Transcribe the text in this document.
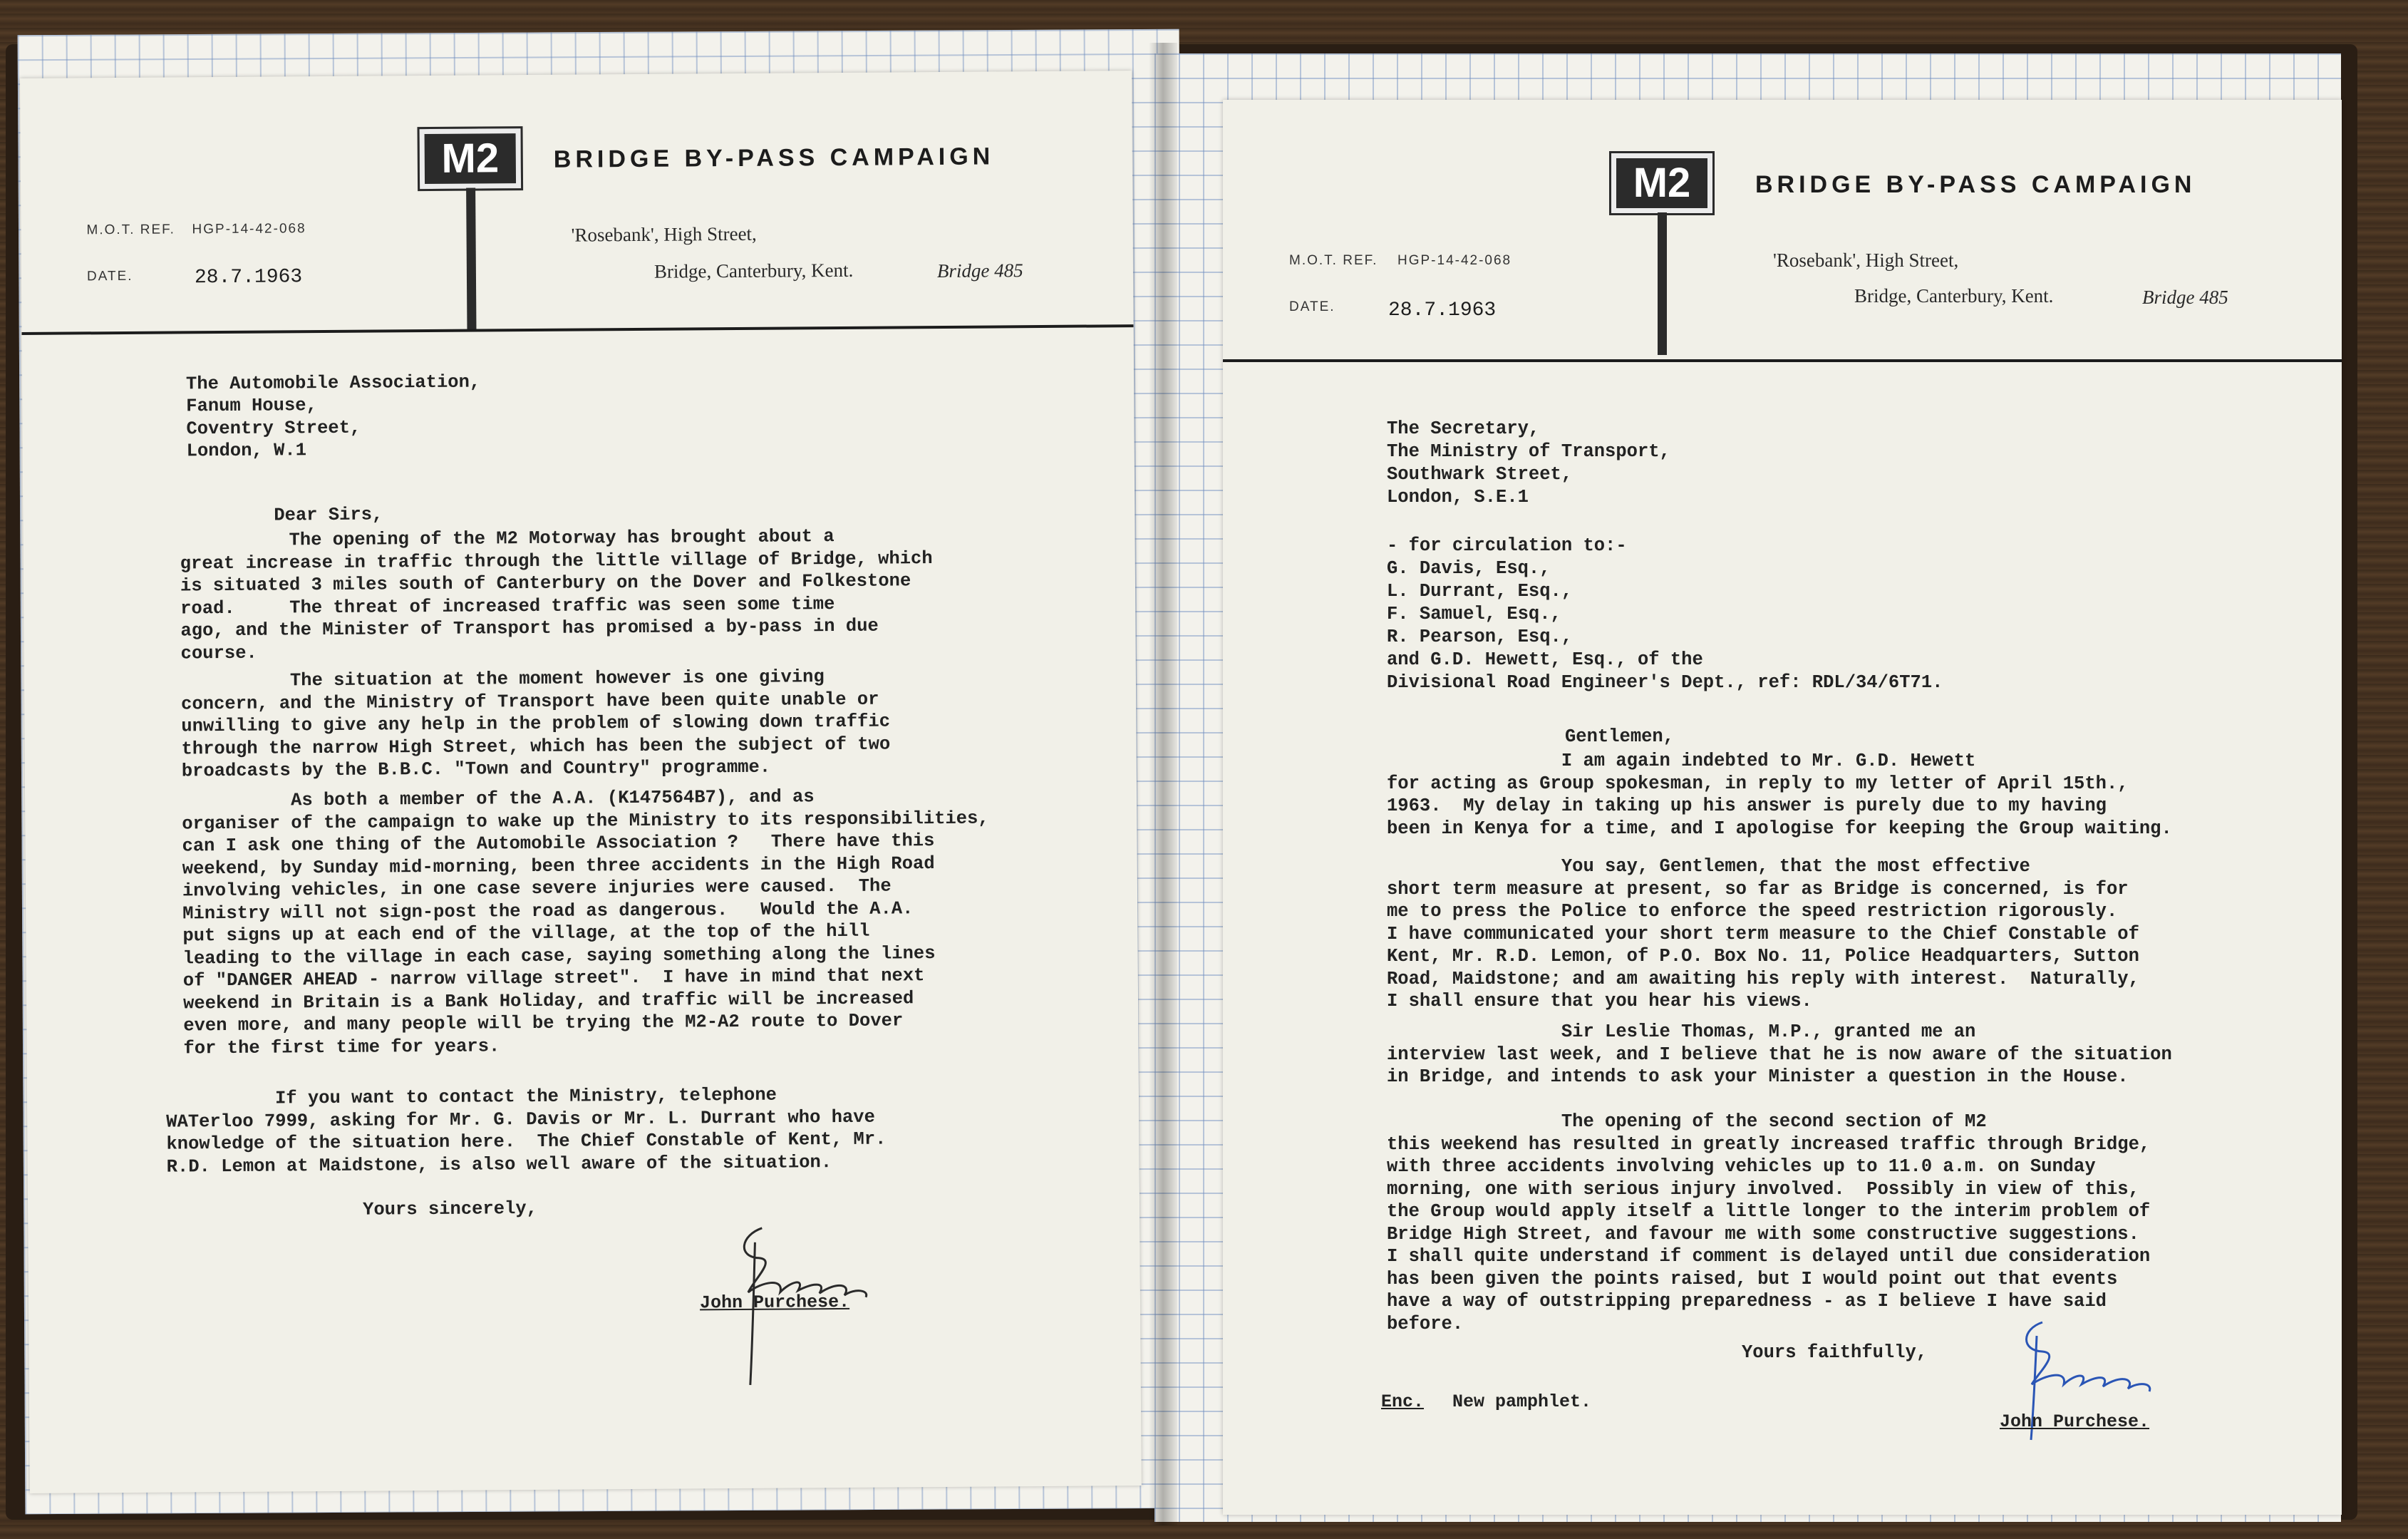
M2	BRIDGE BY-PASS CAMPAIGN
M.O.T. REF. HGP-14-42-068
DATE.	28.7.1963
'Rosebank', High Street,
Bridge, Canterbury, Kent.	Bridge 485
The Automobile Association,
Fanum House,
Coventry Street,
London, W.1
Dear Sirs,
The opening of the M2 Motorway has brought about a
great increase in traffic through the little village of Bridge, which
is situated 3 miles south of Canterbury on the Dover and Folkestone
road.     The threat of increased traffic was seen some time
ago, and the Minister of Transport has promised a by-pass in due
course.
The situation at the moment however is one giving
concern, and the Ministry of Transport have been quite unable or
unwilling to give any help in the problem of slowing down traffic
through the narrow High Street, which has been the subject of two
broadcasts by the B.B.C. "Town and Country" programme.
As both a member of the A.A. (K147564B7), and as
organiser of the campaign to wake up the Ministry to its responsibilities,
can I ask one thing of the Automobile Association ?   There have this
weekend, by Sunday mid-morning, been three accidents in the High Road
involving vehicles, in one case severe injuries were caused.  The
Ministry will not sign-post the road as dangerous.   Would the A.A.
put signs up at each end of the village, at the top of the hill
leading to the village in each case, saying something along the lines
of "DANGER AHEAD - narrow village street".  I have in mind that next
weekend in Britain is a Bank Holiday, and traffic will be increased
even more, and many people will be trying the M2-A2 route to Dover
for the first time for years.
If you want to contact the Ministry, telephone
WATerloo 7999, asking for Mr. G. Davis or Mr. L. Durrant who have
knowledge of the situation here.  The Chief Constable of Kent, Mr.
R.D. Lemon at Maidstone, is also well aware of the situation.
Yours sincerely,
John Purchese.
M2	BRIDGE BY-PASS CAMPAIGN
M.O.T. REF. HGP-14-42-068
DATE.	28.7.1963
'Rosebank', High Street,
Bridge, Canterbury, Kent.	Bridge 485
The Secretary,
The Ministry of Transport,
Southwark Street,
London, S.E.1
- for circulation to:-
G. Davis, Esq.,
L. Durrant, Esq.,
F. Samuel, Esq.,
R. Pearson, Esq.,
and G.D. Hewett, Esq., of the
Divisional Road Engineer's Dept., ref: RDL/34/6T71.
Gentlemen,
I am again indebted to Mr. G.D. Hewett
for acting as Group spokesman, in reply to my letter of April 15th.,
1963.  My delay in taking up his answer is purely due to my having
been in Kenya for a time, and I apologise for keeping the Group waiting.
You say, Gentlemen, that the most effective
short term measure at present, so far as Bridge is concerned, is for
me to press the Police to enforce the speed restriction rigorously.
I have communicated your short term measure to the Chief Constable of
Kent, Mr. R.D. Lemon, of P.O. Box No. 11, Police Headquarters, Sutton
Road, Maidstone; and am awaiting his reply with interest.  Naturally,
I shall ensure that you hear his views.
Sir Leslie Thomas, M.P., granted me an
interview last week, and I believe that he is now aware of the situation
in Bridge, and intends to ask your Minister a question in the House.
The opening of the second section of M2
this weekend has resulted in greatly increased traffic through Bridge,
with three accidents involving vehicles up to 11.0 a.m. on Sunday
morning, one with serious injury involved.  Possibly in view of this,
the Group would apply itself a little longer to the interim problem of
Bridge High Street, and favour me with some constructive suggestions.
I shall quite understand if comment is delayed until due consideration
has been given the points raised, but I would point out that events
have a way of outstripping preparedness - as I believe I have said
before.
Yours faithfully,
Enc. New pamphlet.
John Purchese.
